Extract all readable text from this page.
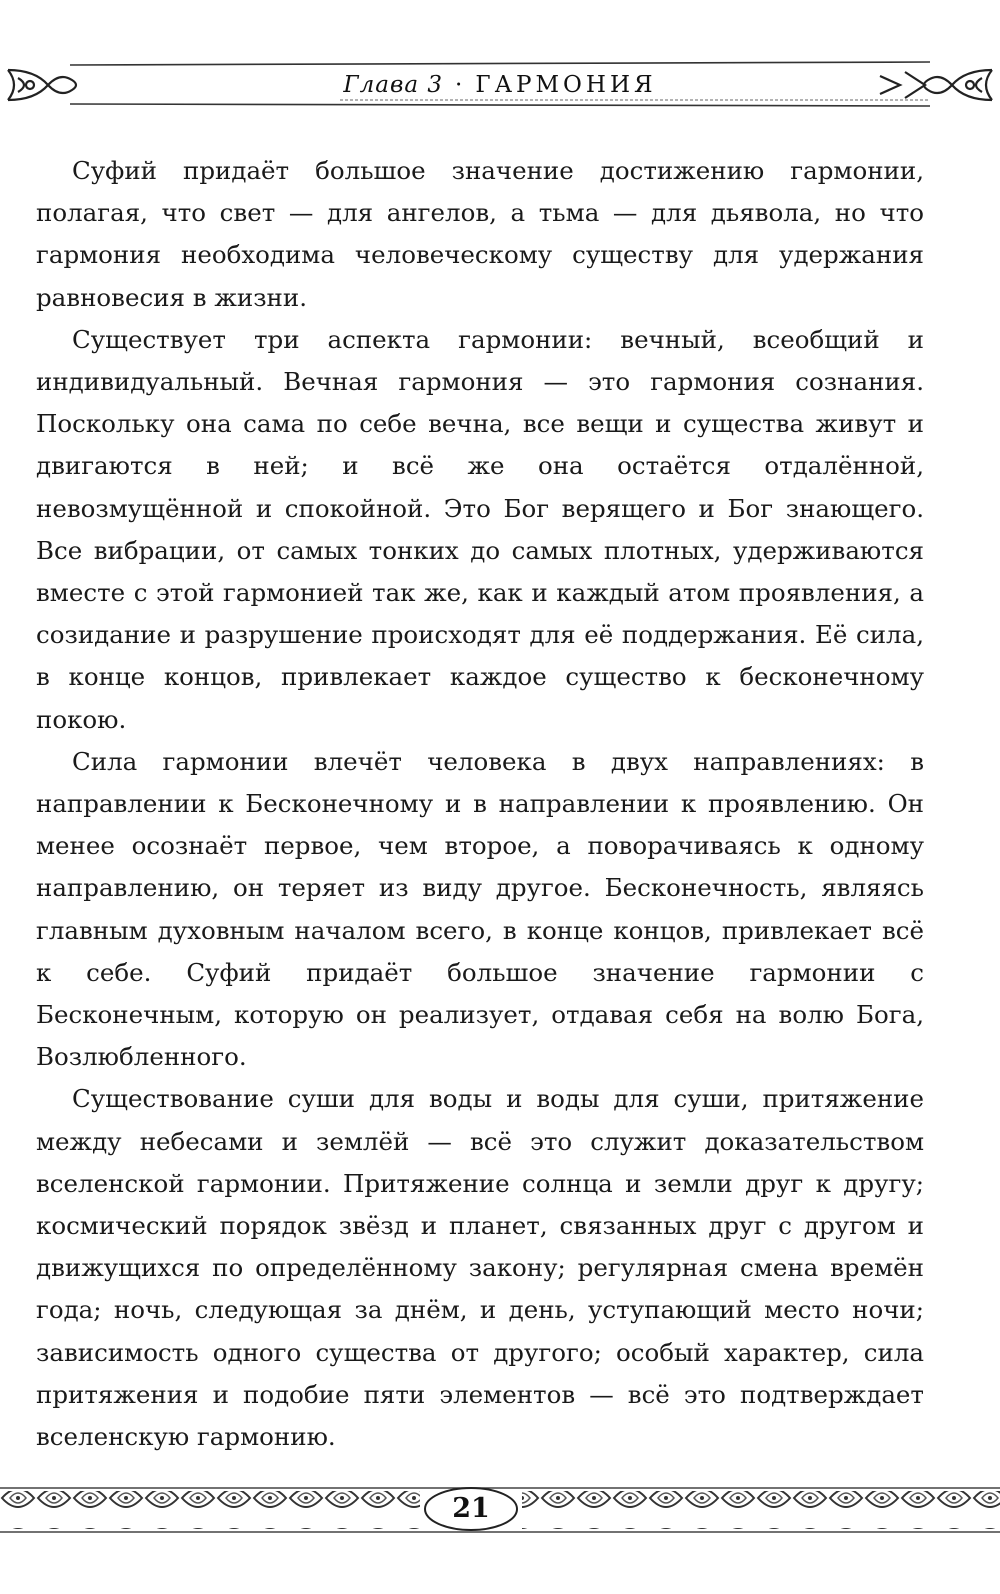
Глава 3 · ГАРМОНИЯ

Суфий придаёт большое значение достижению гармонии, полагая, что свет — для ангелов, а тьма — для дьявола, но что гармония необходима человеческому существу для удержания равновесия в жизни.

Существует три аспекта гармонии: вечный, всеобщий и индивидуальный. Вечная гармония — это гармония сознания. Поскольку она сама по себе вечна, все вещи и существа живут и двигаются в ней; и всё же она остаётся отдалённой, невозмущённой и спокойной. Это Бог верящего и Бог знающего. Все вибрации, от самых тонких до самых плотных, удерживаются вместе с этой гармонией так же, как и каждый атом проявления, а созидание и разрушение происходят для её поддержания. Её сила, в конце концов, привлекает каждое существо к бесконечному покою.

Сила гармонии влечёт человека в двух направлениях: в направлении к Бесконечному и в направлении к проявлению. Он менее осознаёт первое, чем второе, а поворачиваясь к одному направлению, он теряет из виду другое. Бесконечность, являясь главным духовным началом всего, в конце концов, привлекает всё к себе. Суфий придаёт большое значение гармонии с Бесконечным, которую он реализует, отдавая себя на волю Бога, Возлюбленного.

Существование суши для воды и воды для суши, притяжение между небесами и землёй — всё это служит доказательством вселенской гармонии. Притяжение солнца и земли друг к другу; космический порядок звёзд и планет, связанных друг с другом и движущихся по определённому закону; регулярная смена времён года; ночь, следующая за днём, и день, уступающий место ночи; зависимость одного существа от другого; особый характер, сила притяжения и подобие пяти элементов — всё это подтверждает вселенскую гармонию.

21
